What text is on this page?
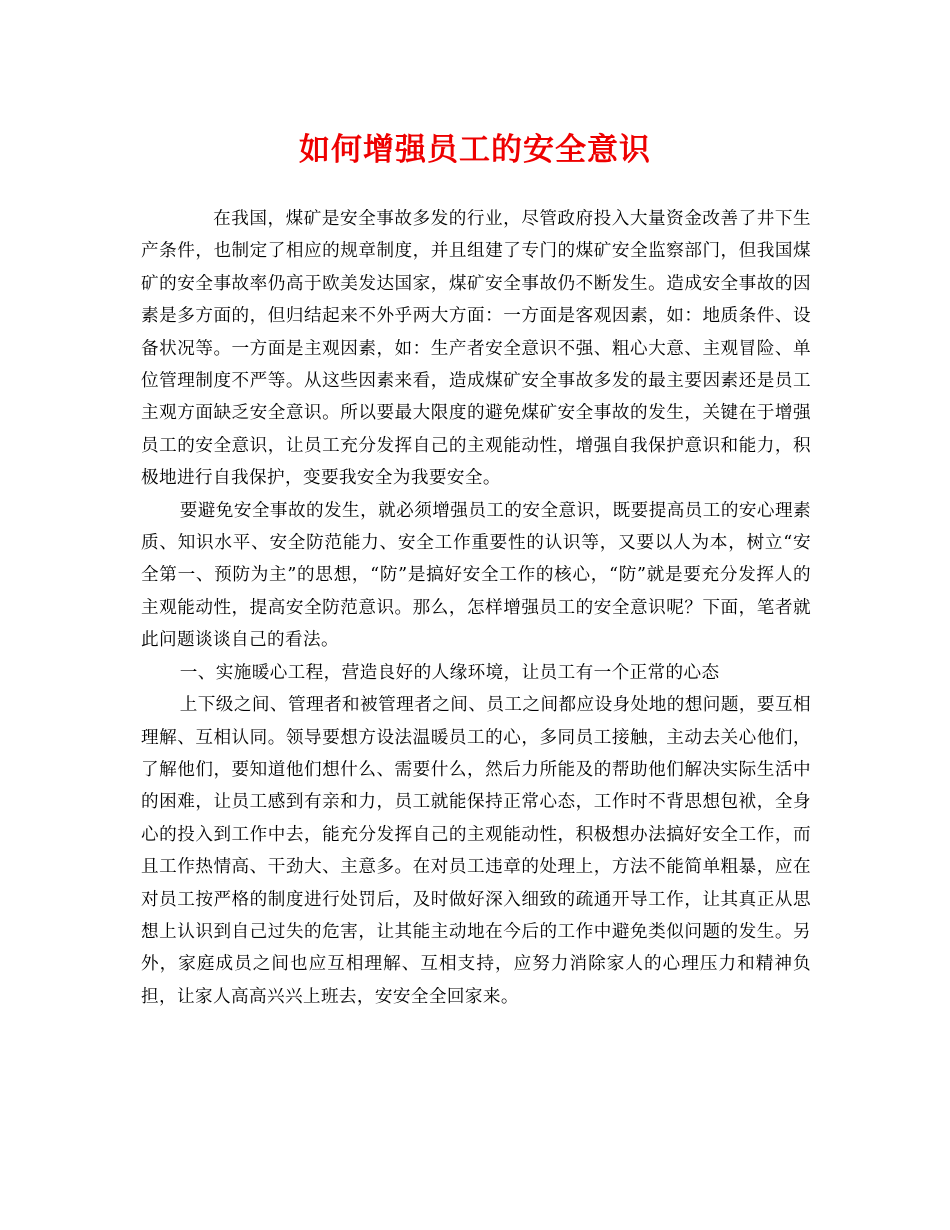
如何增强员工的安全意识

在我国，煤矿是安全事故多发的行业，尽管政府投入大量资金改善了井下生产条件，也制定了相应的规章制度，并且组建了专门的煤矿安全监察部门，但我国煤矿的安全事故率仍高于欧美发达国家，煤矿安全事故仍不断发生。造成安全事故的因素是多方面的，但归结起来不外乎两大方面：一方面是客观因素，如：地质条件、设备状况等。一方面是主观因素，如：生产者安全意识不强、粗心大意、主观冒险、单位管理制度不严等。从这些因素来看，造成煤矿安全事故多发的最主要因素还是员工主观方面缺乏安全意识。所以要最大限度的避免煤矿安全事故的发生，关键在于增强员工的安全意识，让员工充分发挥自己的主观能动性，增强自我保护意识和能力，积极地进行自我保护，变要我安全为我要安全。

要避免安全事故的发生，就必须增强员工的安全意识，既要提高员工的安心理素质、知识水平、安全防范能力、安全工作重要性的认识等，又要以人为本，树立“安全第一、预防为主”的思想，“防”是搞好安全工作的核心，“防”就是要充分发挥人的主观能动性，提高安全防范意识。那么，怎样增强员工的安全意识呢？下面，笔者就此问题谈谈自己的看法。

一、实施暖心工程，营造良好的人缘环境，让员工有一个正常的心态

上下级之间、管理者和被管理者之间、员工之间都应设身处地的想问题，要互相理解、互相认同。领导要想方设法温暖员工的心，多同员工接触，主动去关心他们，了解他们，要知道他们想什么、需要什么，然后力所能及的帮助他们解决实际生活中的困难，让员工感到有亲和力，员工就能保持正常心态，工作时不背思想包袱，全身心的投入到工作中去，能充分发挥自己的主观能动性，积极想办法搞好安全工作，而且工作热情高、干劲大、主意多。在对员工违章的处理上，方法不能简单粗暴，应在对员工按严格的制度进行处罚后，及时做好深入细致的疏通开导工作，让其真正从思想上认识到自己过失的危害，让其能主动地在今后的工作中避免类似问题的发生。另外，家庭成员之间也应互相理解、互相支持，应努力消除家人的心理压力和精神负担，让家人高高兴兴上班去，安安全全回家来。
